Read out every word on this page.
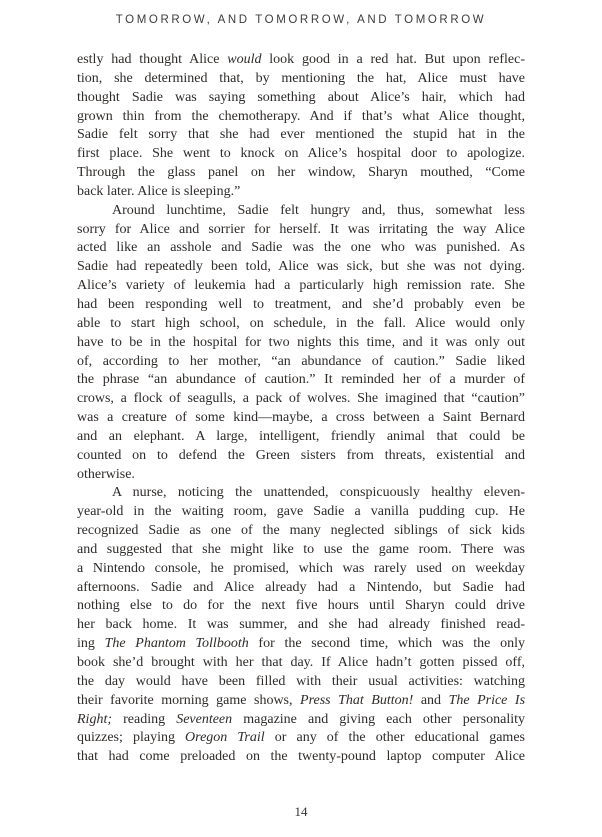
TOMORROW, AND TOMORROW, AND TOMORROW
estly had thought Alice would look good in a red hat. But upon reflec-
tion, she determined that, by mentioning the hat, Alice must have
thought Sadie was saying something about Alice’s hair, which had
grown thin from the chemotherapy. And if that’s what Alice thought,
Sadie felt sorry that she had ever mentioned the stupid hat in the
first place. She went to knock on Alice’s hospital door to apologize.
Through the glass panel on her window, Sharyn mouthed, “Come
back later. Alice is sleeping.”
Around lunchtime, Sadie felt hungry and, thus, somewhat less
sorry for Alice and sorrier for herself. It was irritating the way Alice
acted like an asshole and Sadie was the one who was punished. As
Sadie had repeatedly been told, Alice was sick, but she was not dying.
Alice’s variety of leukemia had a particularly high remission rate. She
had been responding well to treatment, and she’d probably even be
able to start high school, on schedule, in the fall. Alice would only
have to be in the hospital for two nights this time, and it was only out
of, according to her mother, “an abundance of caution.” Sadie liked
the phrase “an abundance of caution.” It reminded her of a murder of
crows, a flock of seagulls, a pack of wolves. She imagined that “caution”
was a creature of some kind—maybe, a cross between a Saint Bernard
and an elephant. A large, intelligent, friendly animal that could be
counted on to defend the Green sisters from threats, existential and
otherwise.
A nurse, noticing the unattended, conspicuously healthy eleven-
year-old in the waiting room, gave Sadie a vanilla pudding cup. He
recognized Sadie as one of the many neglected siblings of sick kids
and suggested that she might like to use the game room. There was
a Nintendo console, he promised, which was rarely used on weekday
afternoons. Sadie and Alice already had a Nintendo, but Sadie had
nothing else to do for the next five hours until Sharyn could drive
her back home. It was summer, and she had already finished read-
ing The Phantom Tollbooth for the second time, which was the only
book she’d brought with her that day. If Alice hadn’t gotten pissed off,
the day would have been filled with their usual activities: watching
their favorite morning game shows, Press That Button! and The Price Is
Right; reading Seventeen magazine and giving each other personality
quizzes; playing Oregon Trail or any of the other educational games
that had come preloaded on the twenty-pound laptop computer Alice
14
